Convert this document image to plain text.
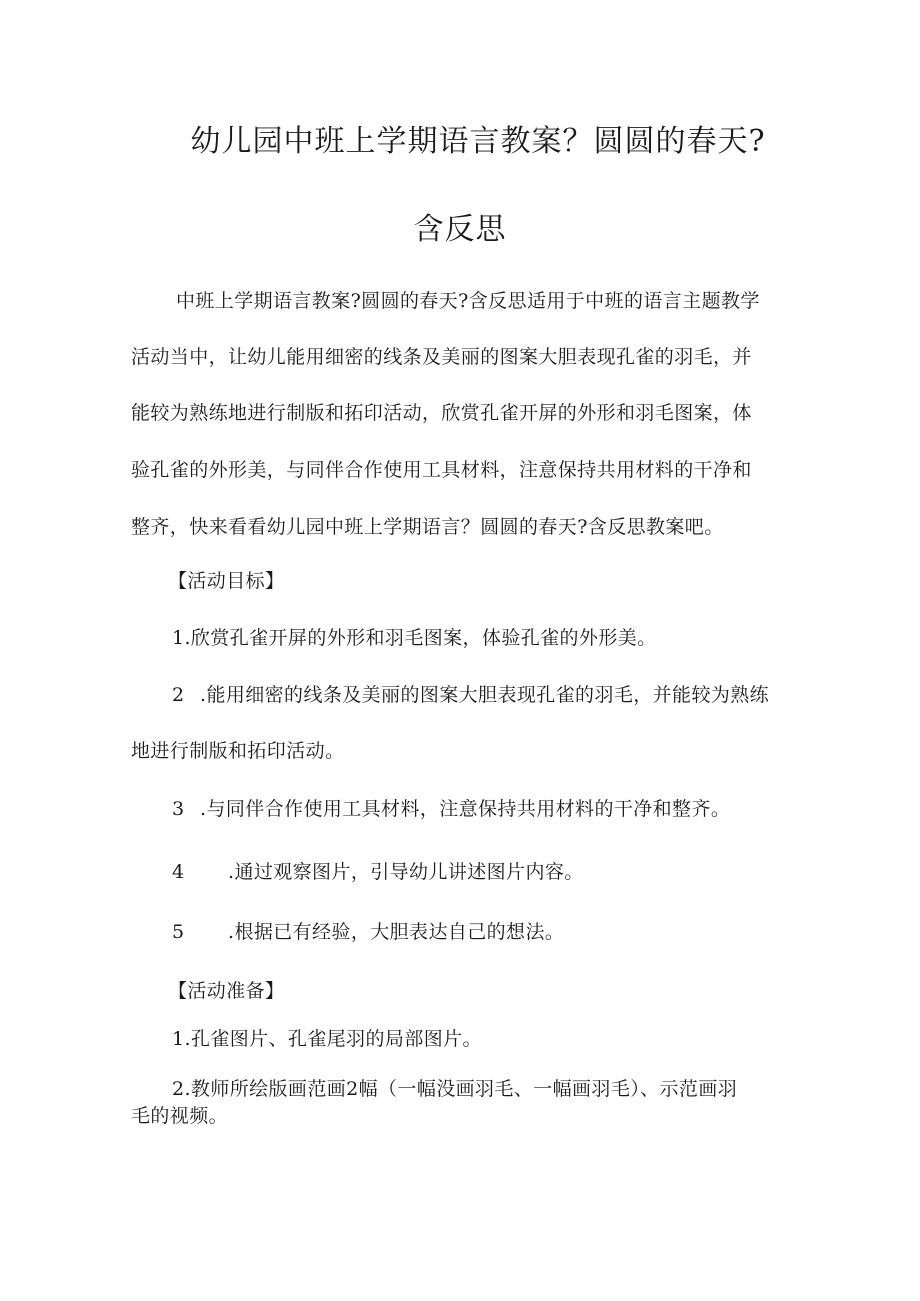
幼儿园中班上学期语言教案？圆圆的春天?
含反思
中班上学期语言教案?圆圆的春天?含反思适用于中班的语言主题教学
活动当中，让幼儿能用细密的线条及美丽的图案大胆表现孔雀的羽毛，并
能较为熟练地进行制版和拓印活动，欣赏孔雀开屏的外形和羽毛图案，体
验孔雀的外形美，与同伴合作使用工具材料，注意保持共用材料的干净和
整齐，快来看看幼儿园中班上学期语言？圆圆的春天?含反思教案吧。
【活动目标】
1.欣赏孔雀开屏的外形和羽毛图案，体验孔雀的外形美。
2 .能用细密的线条及美丽的图案大胆表现孔雀的羽毛，并能较为熟练
地进行制版和拓印活动。
3 .与同伴合作使用工具材料，注意保持共用材料的干净和整齐。
4 .通过观察图片，引导幼儿讲述图片内容。
5 .根据已有经验，大胆表达自己的想法。
【活动准备】
1.孔雀图片、孔雀尾羽的局部图片。
2.教师所绘版画范画2幅（一幅没画羽毛、一幅画羽毛）、示范画羽
毛的视频。
